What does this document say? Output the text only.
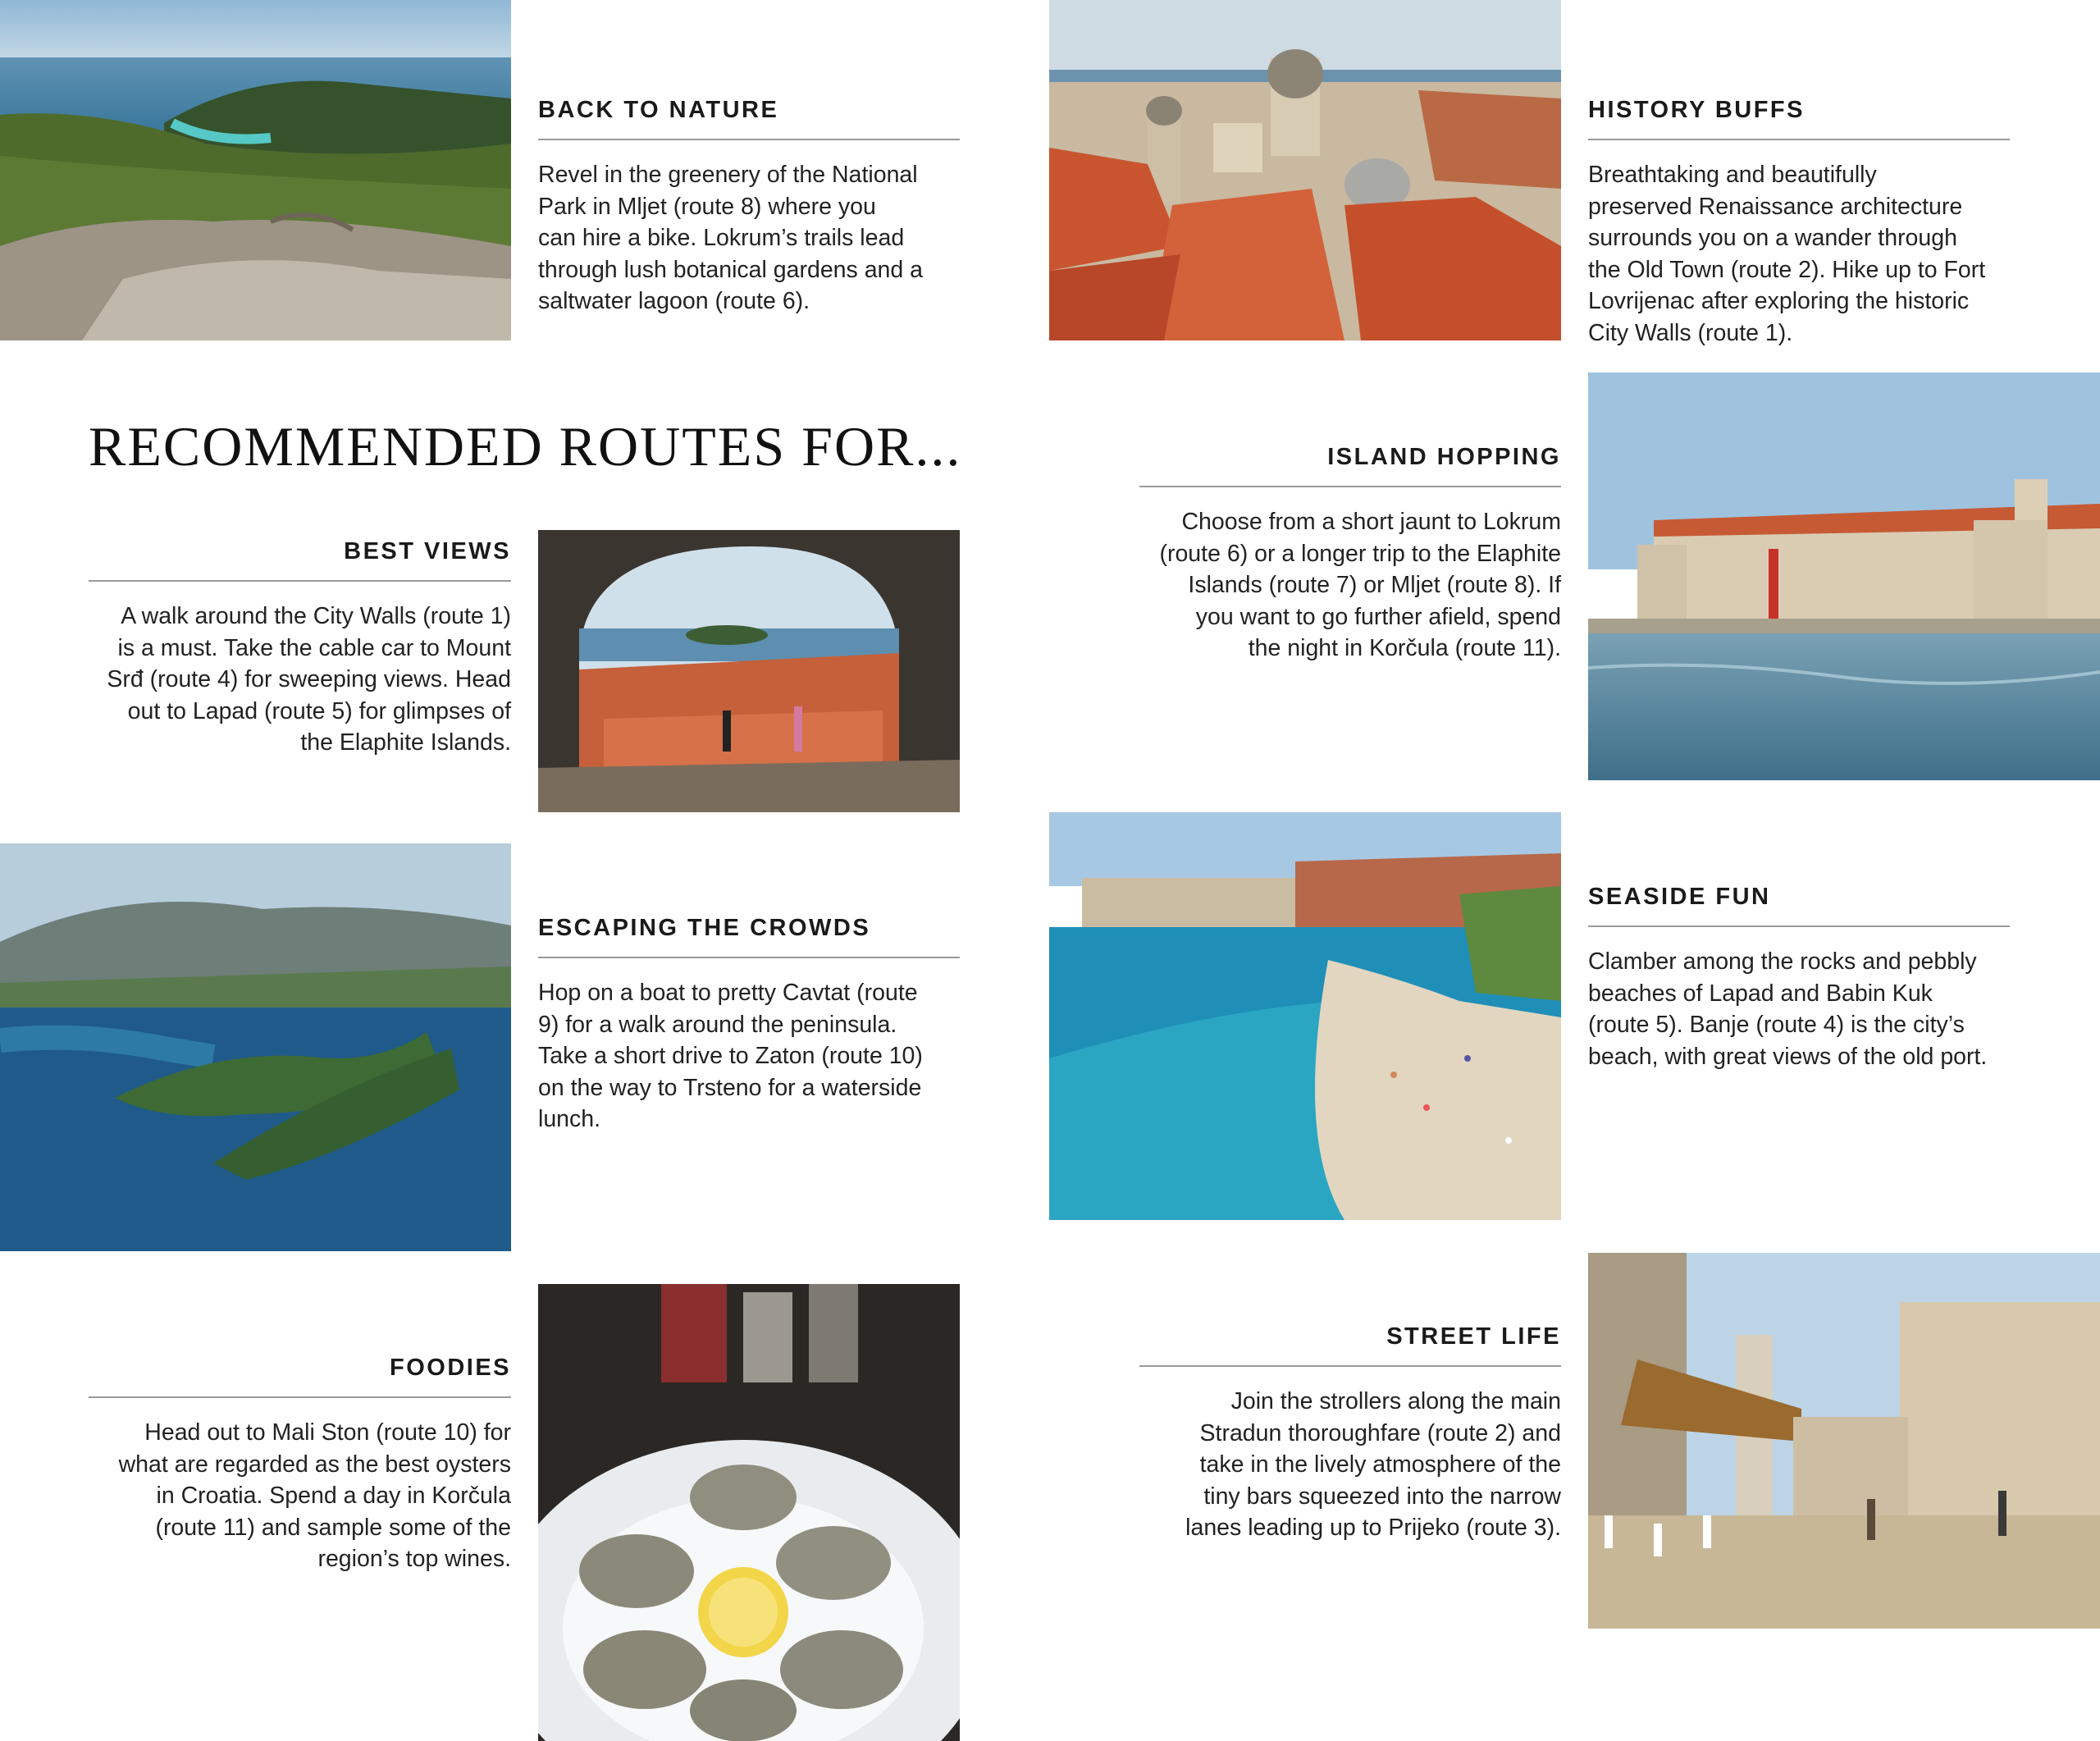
RECOMMENDED ROUTES FOR...
BACK TO NATURE
Revel in the greenery of the National
Park in Mljet (route 8) where you
can hire a bike. Lokrum’s trails lead
through lush botanical gardens and a
saltwater lagoon (route 6).
HISTORY BUFFS
Breathtaking and beautifully
preserved Renaissance architecture
surrounds you on a wander through
the Old Town (route 2). Hike up to Fort
Lovrijenac after exploring the historic
City Walls (route 1).
BEST VIEWS
A walk around the City Walls (route 1)
is a must. Take the cable car to Mount
Srđ (route 4) for sweeping views. Head
out to Lapad (route 5) for glimpses of
the Elaphite Islands.
ISLAND HOPPING
Choose from a short jaunt to Lokrum
(route 6) or a longer trip to the Elaphite
Islands (route 7) or Mljet (route 8). If
you want to go further afield, spend
the night in Korčula (route 11).
ESCAPING THE CROWDS
Hop on a boat to pretty Cavtat (route
9) for a walk around the peninsula.
Take a short drive to Zaton (route 10)
on the way to Trsteno for a waterside
lunch.
SEASIDE FUN
Clamber among the rocks and pebbly
beaches of Lapad and Babin Kuk
(route 5). Banje (route 4) is the city’s
beach, with great views of the old port.
FOODIES
Head out to Mali Ston (route 10) for
what are regarded as the best oysters
in Croatia. Spend a day in Korčula
(route 11) and sample some of the
region’s top wines.
STREET LIFE
Join the strollers along the main
Stradun thoroughfare (route 2) and
take in the lively atmosphere of the
tiny bars squeezed into the narrow
lanes leading up to Prijeko (route 3).
